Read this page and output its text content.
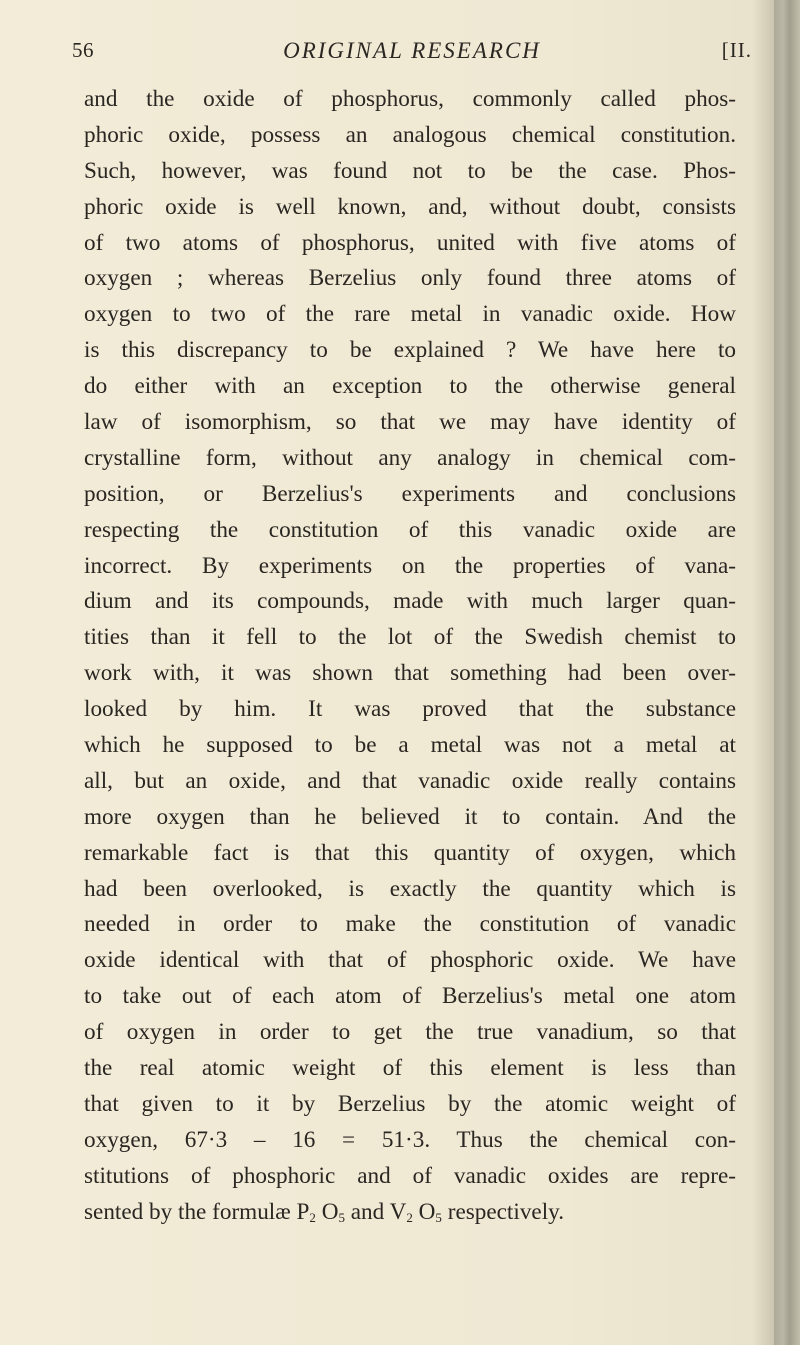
56	ORIGINAL RESEARCH	[II.
and the oxide of phosphorus, commonly called phos-
phoric oxide, possess an analogous chemical constitution.
Such, however, was found not to be the case. Phos-
phoric oxide is well known, and, without doubt, consists
of two atoms of phosphorus, united with five atoms of
oxygen ; whereas Berzelius only found three atoms of
oxygen to two of the rare metal in vanadic oxide. How
is this discrepancy to be explained ? We have here to
do either with an exception to the otherwise general
law of isomorphism, so that we may have identity of
crystalline form, without any analogy in chemical com-
position, or Berzelius's experiments and conclusions
respecting the constitution of this vanadic oxide are
incorrect. By experiments on the properties of vana-
dium and its compounds, made with much larger quan-
tities than it fell to the lot of the Swedish chemist to
work with, it was shown that something had been over-
looked by him. It was proved that the substance
which he supposed to be a metal was not a metal at
all, but an oxide, and that vanadic oxide really contains
more oxygen than he believed it to contain. And the
remarkable fact is that this quantity of oxygen, which
had been overlooked, is exactly the quantity which is
needed in order to make the constitution of vanadic
oxide identical with that of phosphoric oxide. We have
to take out of each atom of Berzelius's metal one atom
of oxygen in order to get the true vanadium, so that
the real atomic weight of this element is less than
that given to it by Berzelius by the atomic weight of
oxygen, 67·3 – 16 = 51·3. Thus the chemical con-
stitutions of phosphoric and of vanadic oxides are repre-
sented by the formulæ $P_2$ $O_5$ and $V_2$ $O_5$ respectively.
